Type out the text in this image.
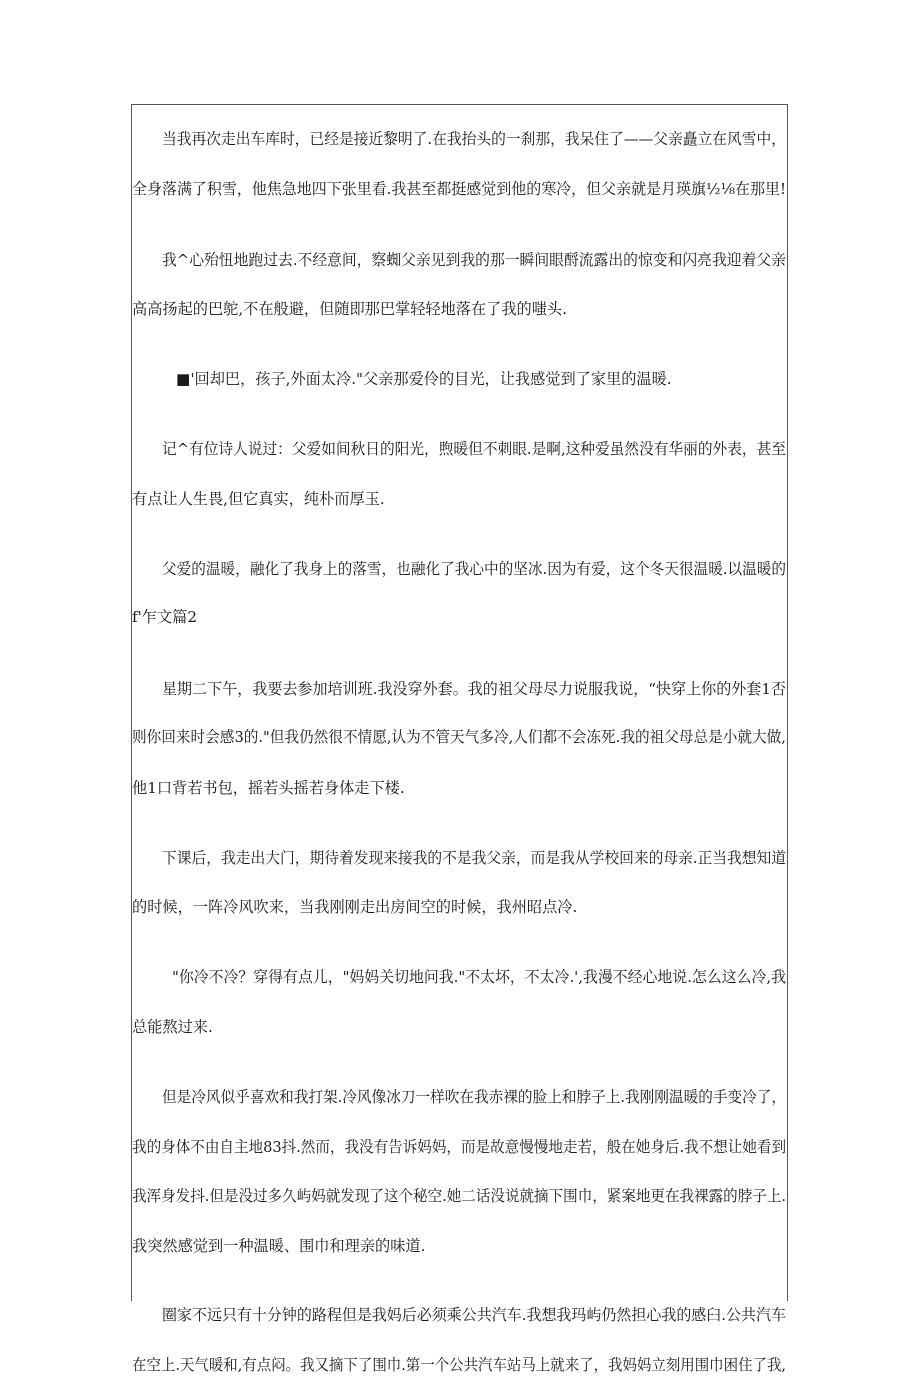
当我再次走出车库时，已经是接近黎明了.在我抬头的一刹那，我呆住了——父亲矗立在风雪中，
全身落满了积雪，他焦急地四下张里看.我甚至都挺感觉到他的寒冷，但父亲就是月瑛旗½⅛在那里!
我^心殆忸地跑过去.不经意间，察蜘父亲见到我的那一瞬间眼酹流露出的惊变和闪亮我迎着父亲
高高扬起的巴鸵,不在般避，但随即那巴掌轻轻地落在了我的嗤头.
■'回却巴，孩子,外面太冷."父亲那爱伶的目光，让我感觉到了家里的温暖.
记^有位诗人说过：父爱如间秋日的阳光，煦暖但不刺眼.是啊,这种爱虽然没有华丽的外表，甚至
有点让人生畏,但它真实，纯朴而厚玉.
父爱的温暖，融化了我身上的落雪，也融化了我心中的坚冰.因为有爱，这个冬天很温暖.以温暖的
f'乍文篇2
星期二下午，我要去参加培训班.我没穿外套。我的祖父母尽力说服我说，“快穿上你的外套1否
则你回来时会感3的."但我仍然很不情愿,认为不管天气多冷,人们都不会冻死.我的祖父母总是小就大做,
他1口背若书包，摇若头摇若身体走下楼.
下课后，我走出大门，期待着发现来接我的不是我父亲，而是我从学校回来的母亲.正当我想知道
的时候，一阵冷风吹来，当我刚刚走出房间空的时候，我州昭点冷.
"你冷不冷？穿得有点儿，"妈妈关切地问我."不太坏，不太冷.',我漫不经心地说.怎么这么冷,我
总能熬过来.
但是冷风似乎喜欢和我打架.冷风像冰刀一样吹在我赤裸的脸上和脖子上.我刚刚温暖的手变冷了，
我的身体不由自主地83抖.然而，我没有告诉妈妈，而是故意慢慢地走若，般在她身后.我不想让她看到
我浑身发抖.但是没过多久屿妈就发现了这个秘空.她二话没说就摘下围巾，紧案地更在我裸露的脖子上.
我突然感觉到一种温暖、围巾和理亲的味道.
圈家不远只有十分钟的路程但是我妈后必须乘公共汽车.我想我玛屿仍然担心我的感臼.公共汽车
在空上.天气暖和,有点闷。我又摘下了围巾.第一个公共汽车站马上就来了，我妈妈立刻用围巾困住了我,
